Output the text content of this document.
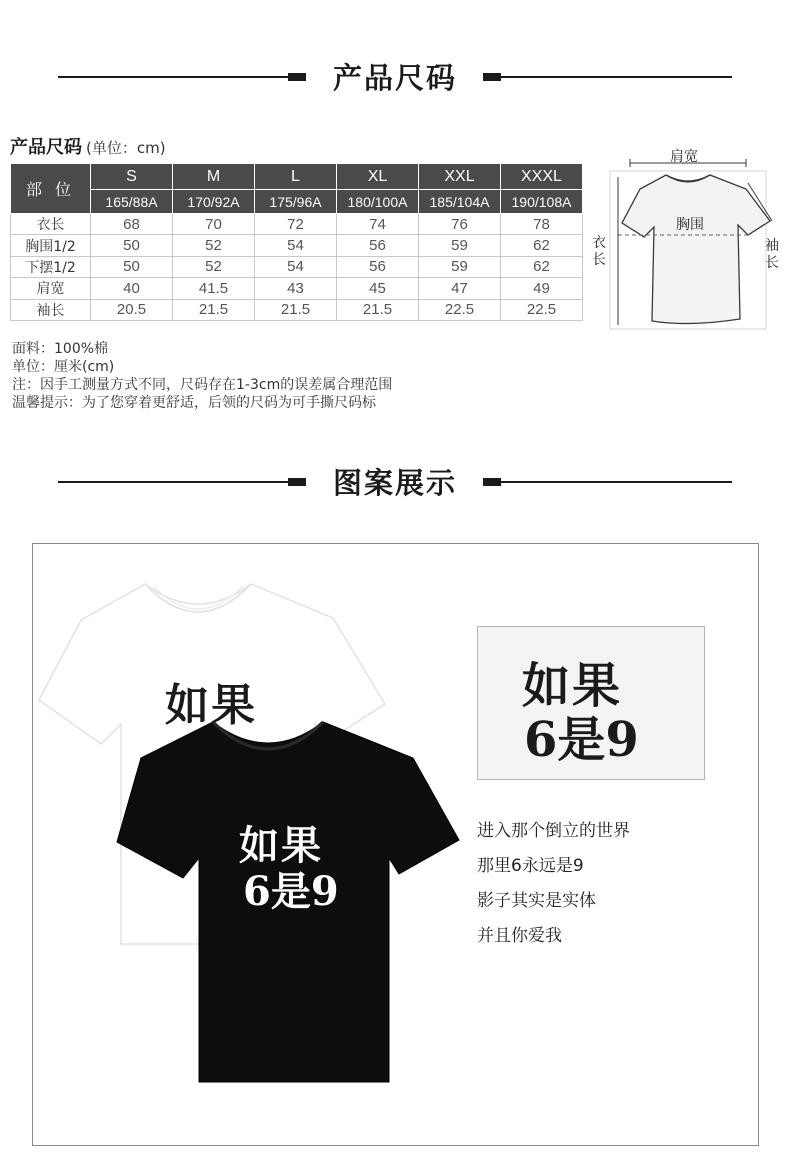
产品尺码
产品尺码 (单位：cm)
部 位	S	M	L	XL	XXL	XXXL
	165/88A	170/92A	175/96A	180/100A	185/104A	190/108A
衣长	68	70	72	74	76	78
胸围1/2	50	52	54	56	59	62
下摆1/2	50	52	54	56	59	62
肩宽	40	41.5	43	45	47	49
袖长	20.5	21.5	21.5	21.5	22.5	22.5
肩宽
胸围
衣
长
袖
长
面料：100%棉
单位：厘米(cm)
注：因手工测量方式不同，尺码存在1-3cm的误差属合理范围
温馨提示：为了您穿着更舒适，后领的尺码为可手撕尺码标
图案展示
如果
如果
6是9
如果
6是9
进入那个倒立的世界
那里6永远是9
影子其实是实体
并且你爱我
